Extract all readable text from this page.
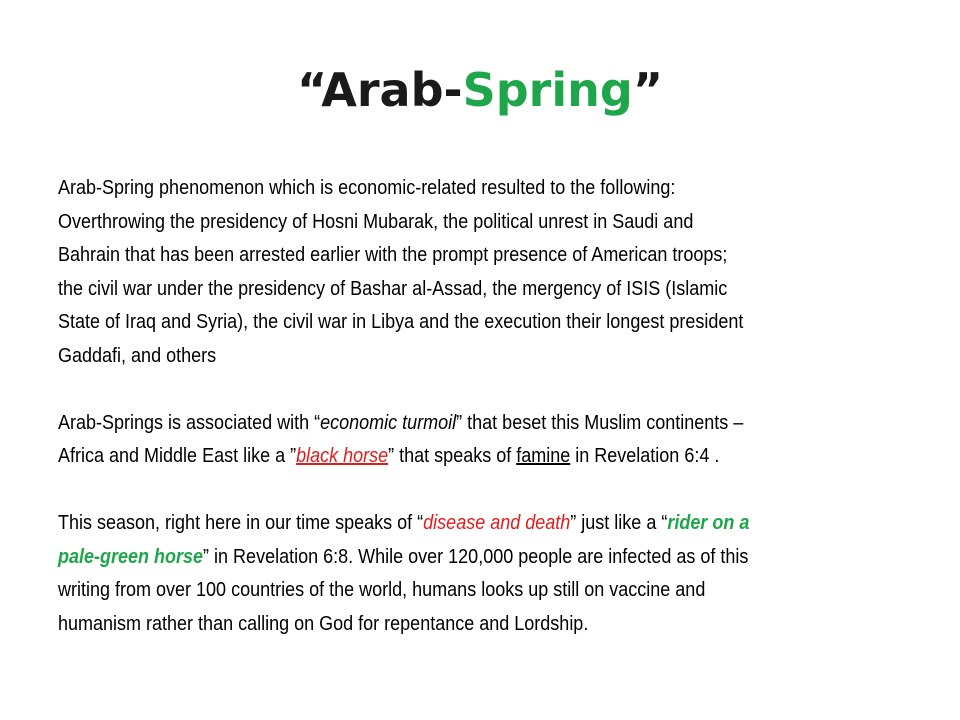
“Arab-Spring”
Arab-Spring phenomenon which is economic-related resulted to the following:
Overthrowing the presidency of Hosni Mubarak, the political unrest in Saudi and
Bahrain that has been arrested earlier with the prompt presence of American troops;
the civil war under the presidency of Bashar al-Assad, the mergency of ISIS (Islamic
State of Iraq and Syria), the civil war in Libya and the execution their longest president
Gaddafi, and others
Arab-Springs is associated with “economic turmoil” that beset this Muslim continents –
Africa and Middle East like a ”black horse” that speaks of famine in Revelation 6:4 .
This season, right here in our time speaks of “disease and death” just like a “rider on a
pale-green horse” in Revelation 6:8. While over 120,000 people are infected as of this
writing from over 100 countries of the world, humans looks up still on vaccine and
humanism rather than calling on God for repentance and Lordship.
